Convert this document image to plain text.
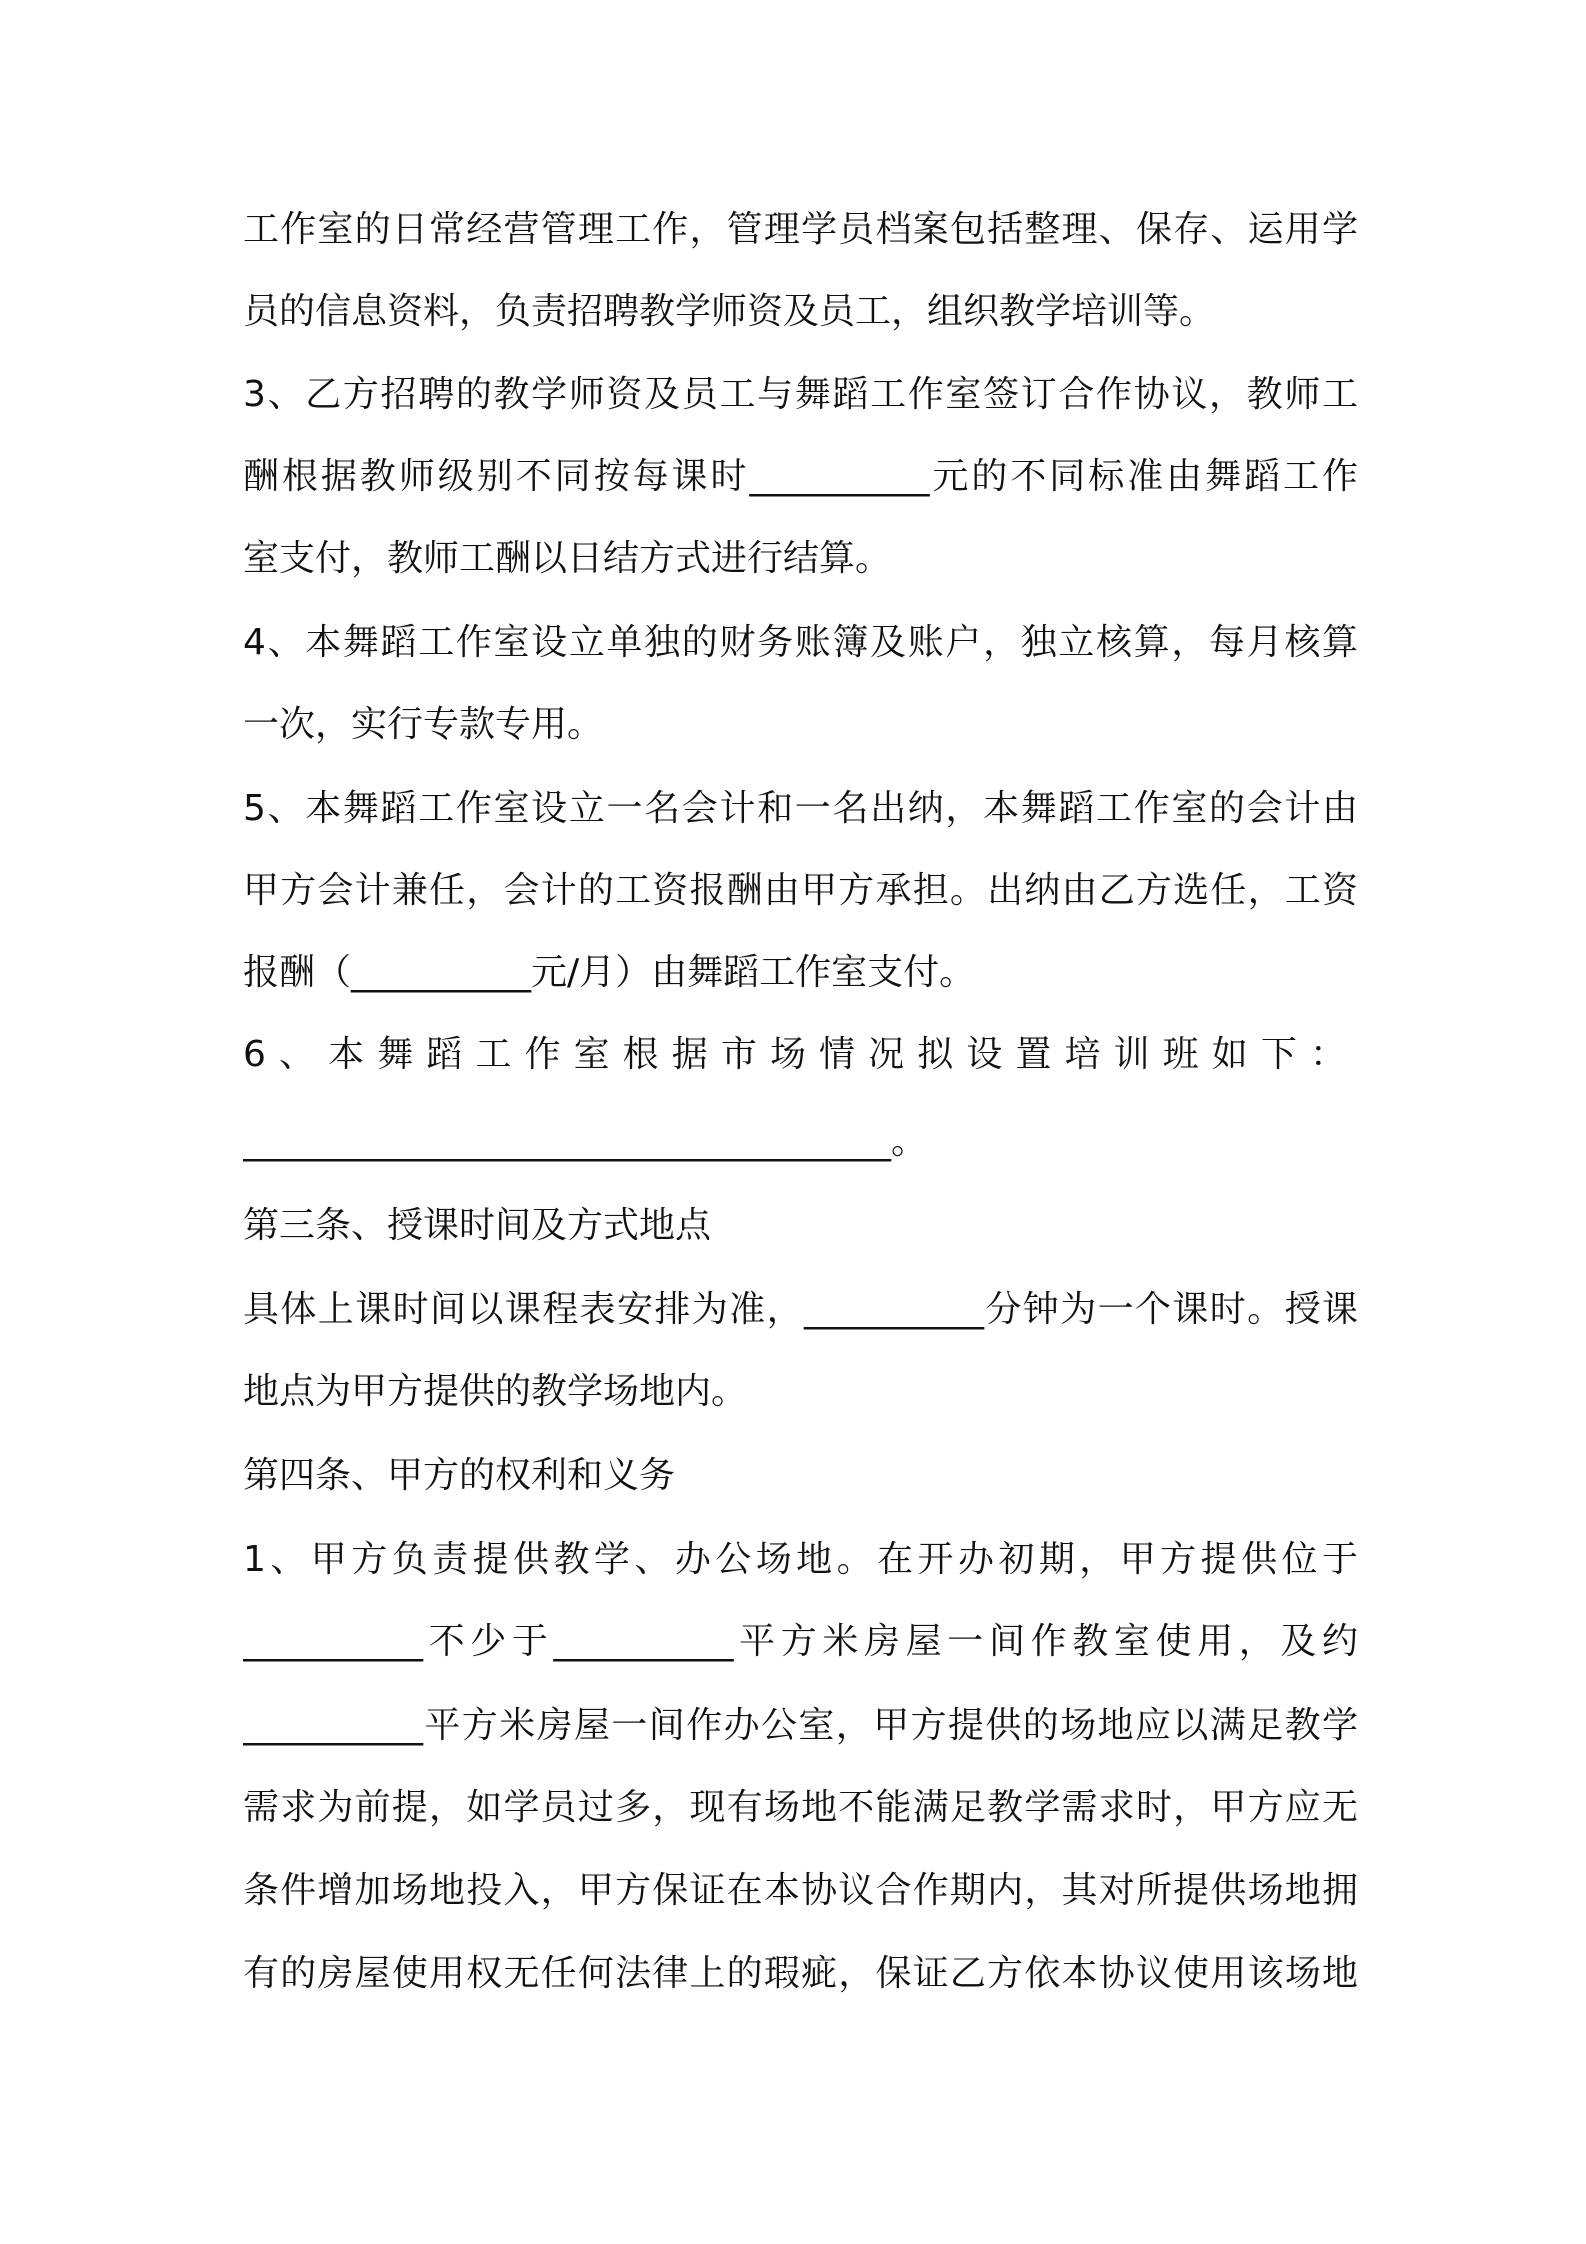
工作室的日常经营管理工作，管理学员档案包括整理、保存、运用学
员的信息资料，负责招聘教学师资及员工，组织教学培训等。
3、乙方招聘的教学师资及员工与舞蹈工作室签订合作协议，教师工
酬根据教师级别不同按每课时__________元的不同标准由舞蹈工作
室支付，教师工酬以日结方式进行结算。
4、本舞蹈工作室设立单独的财务账簿及账户，独立核算，每月核算
一次，实行专款专用。
5、本舞蹈工作室设立一名会计和一名出纳，本舞蹈工作室的会计由
甲方会计兼任，会计的工资报酬由甲方承担。出纳由乙方选任，工资
报酬（__________元/月）由舞蹈工作室支付。
6、本舞蹈工作室根据市场情况拟设置培训班如下：
____________________________________。
第三条、授课时间及方式地点
具体上课时间以课程表安排为准，__________分钟为一个课时。授课
地点为甲方提供的教学场地内。
第四条、甲方的权利和义务
1、甲方负责提供教学、办公场地。在开办初期，甲方提供位于
__________不少于__________平方米房屋一间作教室使用，及约
__________平方米房屋一间作办公室，甲方提供的场地应以满足教学
需求为前提，如学员过多，现有场地不能满足教学需求时，甲方应无
条件增加场地投入，甲方保证在本协议合作期内，其对所提供场地拥
有的房屋使用权无任何法律上的瑕疵，保证乙方依本协议使用该场地
